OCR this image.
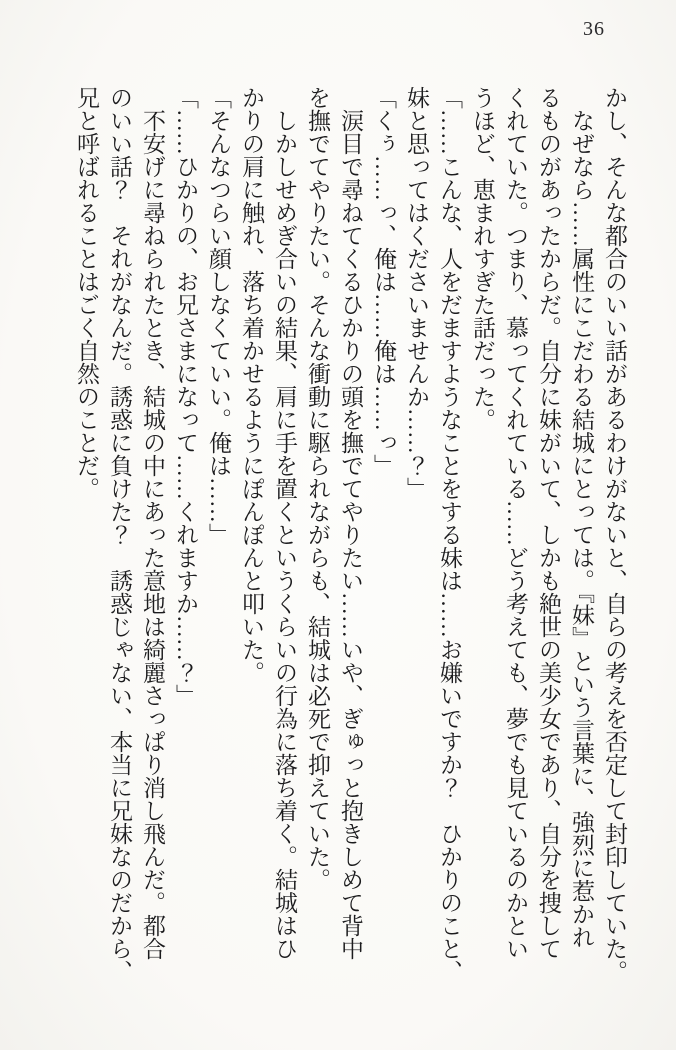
36
かし、そんな都合のいい話があるわけがないと、自らの考えを否定して封印していた。
　なぜなら……属性にこだわる結城にとっては。『妹』という言葉に、強烈に惹かれ
るものがあったからだ。自分に妹がいて、しかも絶世の美少女であり、自分を捜して
くれていた。つまり、慕ってくれている……どう考えても、夢でも見ているのかとい
うほど、恵まれすぎた話だった。
「……こんな、人をだますようなことをする妹は……お嫌いですか？　ひかりのこと、
妹と思ってはくださいませんか……？」
「くぅ……っ、俺は……俺は……っ」
　涙目で尋ねてくるひかりの頭を撫でてやりたい……いや、ぎゅっと抱きしめて背中
を撫でてやりたい。そんな衝動に駆られながらも、結城は必死で抑えていた。
　しかしせめぎ合いの結果、肩に手を置くというくらいの行為に落ち着く。結城はひ
かりの肩に触れ、落ち着かせるようにぽんぽんと叩いた。
「そんなつらい顔しなくていい。俺は……」
「……ひかりの、お兄さまになって……くれますか……？」
　不安げに尋ねられたとき、結城の中にあった意地は綺麗さっぱり消し飛んだ。都合
のいい話？　それがなんだ。誘惑に負けた？　誘惑じゃない、本当に兄妹なのだから、
兄と呼ばれることはごく自然のことだ。
